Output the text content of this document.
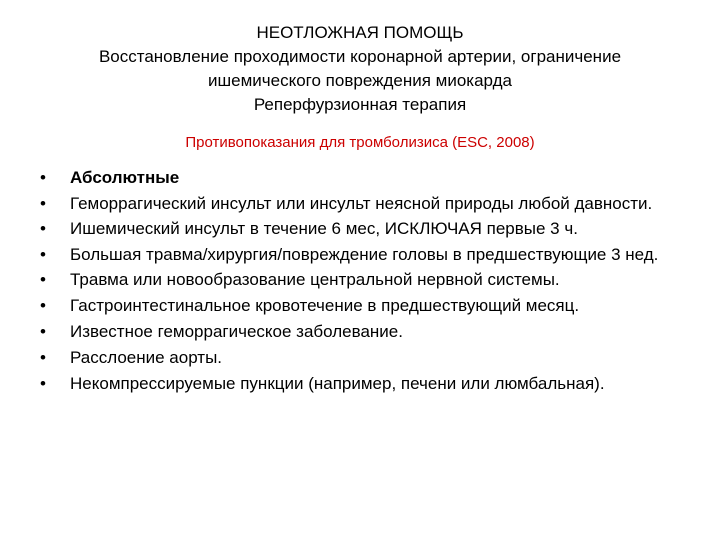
НЕОТЛОЖНАЯ ПОМОЩЬ
Восстановление проходимости коронарной артерии, ограничение
ишемического повреждения миокарда
Реперфурзионная терапия
Противопоказания для тромболизиса (ESC, 2008)
•	Абсолютные
•	Геморрагический инсульт или инсульт неясной природы любой давности.
•	Ишемический инсульт в течение 6 мес, ИСКЛЮЧАЯ первые 3 ч.
•	Большая травма/хирургия/повреждение головы в предшествующие 3 нед.
•	Травма или новообразование центральной нервной системы.
•	Гастроинтестинальное кровотечение в предшествующий месяц.
•	Известное геморрагическое заболевание.
•	Расслоение аорты.
•	Некомпрессируемые пункции (например, печени или люмбальная).
